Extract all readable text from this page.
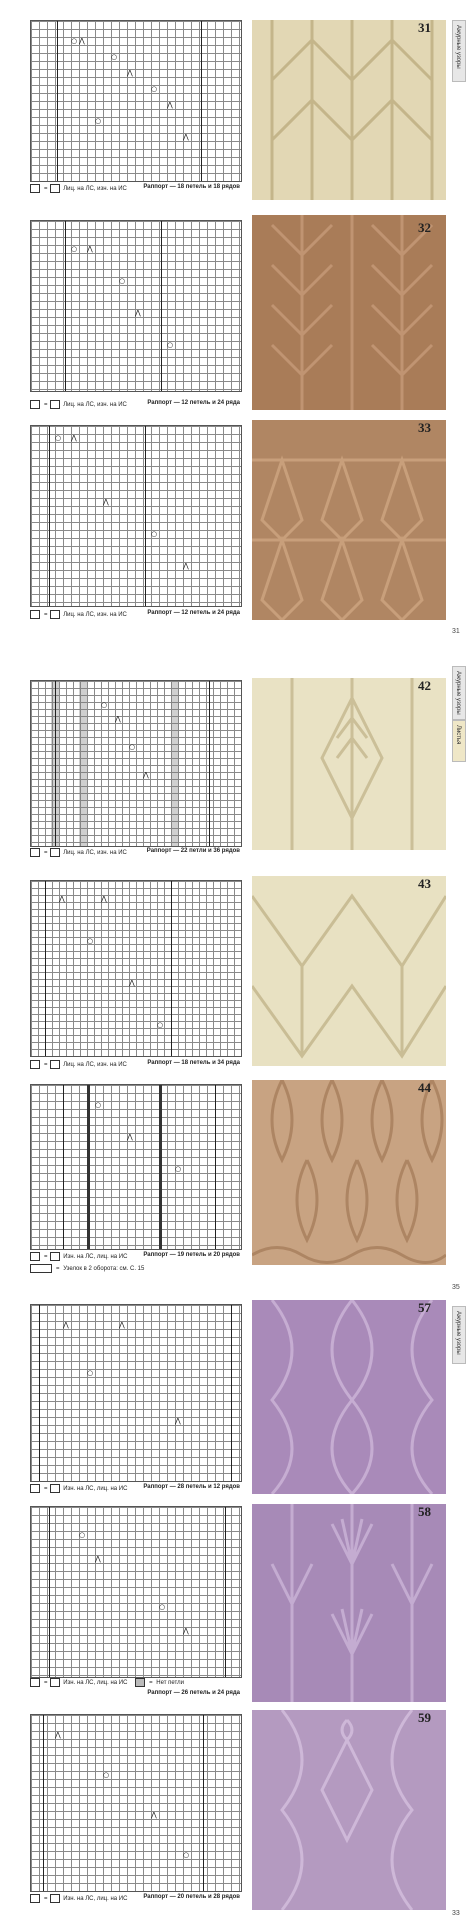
Ажурные узоры
○ ⋀
○
⋀
○
⋀
○
⋀
=	Лиц. на ЛС, изн. на ИС	Раппорт — 18 петель и 18 рядов
31
○ ⋀
○
⋀
○
=	Лиц. на ЛС, изн. на ИС	Раппорт — 12 петель и 24 ряда
32
○ ⋀
⋀
○
⋀
=	Лиц. на ЛС, изн. на ИС	Раппорт — 12 петель и 24 ряда
33
31
Ажурные узоры
Листья
○
⋀
○
⋀
=	Лиц. на ЛС, изн. на ИС	Раппорт — 22 петли и 36 рядов
42
⋀	⋀
○
⋀
○
=	Лиц. на ЛС, изн. на ИС	Раппорт — 18 петель и 34 ряда
43
○
⋀
○
=	Изн. на ЛС, лиц. на ИС	Раппорт — 19 петель и 20 рядов
= Узелок в 2 оборота: см. С. 15
44
35
Ажурные узоры
⋀	⋀
○
⋀
=	Изн. на ЛС, лиц. на ИС	Раппорт — 28 петель и 12 рядов
57
○
⋀
○
⋀
=	Изн. на ЛС, лиц. на ИС	= Нет петли
Раппорт — 26 петель и 24 ряда
58
⋀
○
⋀
○
=	Изн. на ЛС, лиц. на ИС	Раппорт — 20 петель и 28 рядов
59
33
